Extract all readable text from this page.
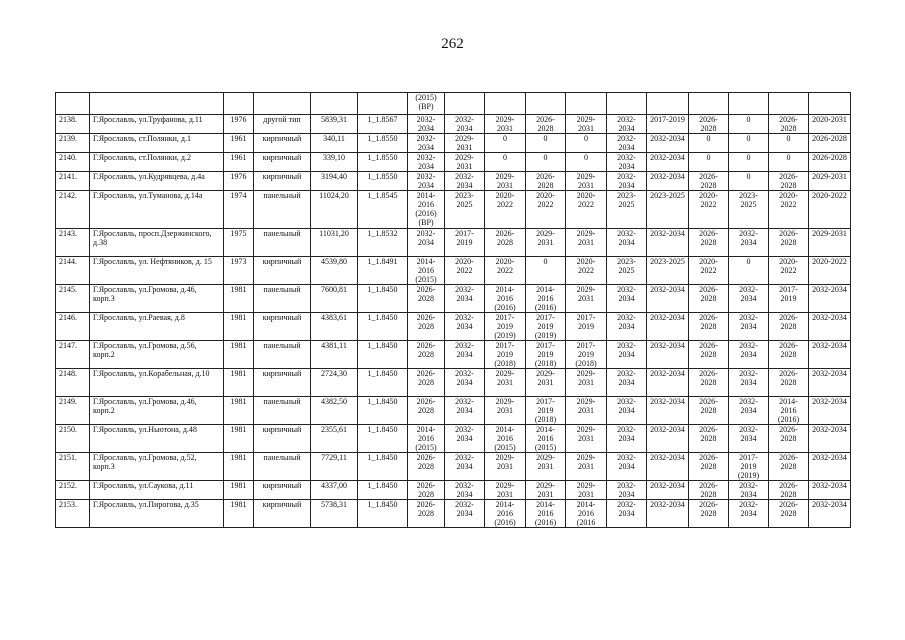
262
						(2015) (ВР)										
2138.	Г.Ярославль, ул.Труфанова, д.11	1976	другой тип	5839,31	1_1.8567	2032-2034	2032-2034	2029-2031	2026-2028	2029-2031	2032-2034	2017-2019	2026-2028	0	2026-2028	2020-2031
2139.	Г.Ярославль, ст.Полянки, д.1	1961	кирпичный	340,11	1_1.8550	2032-2034	2029-2031	0	0	0	2032-2034	2032-2034	0	0	0	2026-2028
2140.	Г.Ярославль, ст.Полянки, д.2	1961	кирпичный	339,10	1_1.8550	2032-2034	2029-2031	0	0	0	2032-2034	2032-2034	0	0	0	2026-2028
2141.	Г.Ярославль, ул.Кудрявцева, д.4а	1976	кирпичный	3194,40	1_1.8550	2032-2034	2032-2034	2029-2031	2026-2028	2029-2031	2032-2034	2032-2034	2026-2028	0	2026-2028	2029-2031
2142.	Г.Ярославль, ул.Туманова, д.14а	1974	панельный	11024,20	1_1.8545	2014-2016 (2016) (ВР)	2023-2025	2020-2022	2020-2022	2020-2022	2023-2025	2023-2025	2020-2022	2023-2025	2020-2022	2020-2022
2143.	Г.Ярославль, просп.Дзержинского, д.38	1975	панельный	11031,20	1_1.8532	2032-2034	2017-2019	2026-2028	2029-2031	2029-2031	2032-2034	2032-2034	2026-2028	2032-2034	2026-2028	2029-2031
2144.	Г.Ярославль, ул. Нефтяников, д. 15	1973	кирпичный	4539,80	1_1.8491	2014-2016 (2015)	2020-2022	2020-2022	0	2020-2022	2023-2025	2023-2025	2020-2022	0	2020-2022	2020-2022
2145.	Г.Ярославль, ул.Громова, д.46, корп.3	1981	панельный	7600,81	1_1.8450	2026-2028	2032-2034	2014-2016 (2016)	2014-2016 (2016)	2029-2031	2032-2034	2032-2034	2026-2028	2032-2034	2017-2019	2032-2034
2146.	Г.Ярославль, ул.Раевая, д.8	1981	кирпичный	4383,61	1_1.8450	2026-2028	2032-2034	2017-2019 (2019)	2017-2019 (2019)	2017-2019	2032-2034	2032-2034	2026-2028	2032-2034	2026-2028	2032-2034
2147.	Г.Ярославль, ул.Громова, д.56, корп.2	1981	панельный	4381,11	1_1.8450	2026-2028	2032-2034	2017-2019 (2018)	2017-2019 (2018)	2017-2019 (2018)	2032-2034	2032-2034	2026-2028	2032-2034	2026-2028	2032-2034
2148.	Г.Ярославль, ул.Корабельная, д.10	1981	кирпичный	2724,30	1_1.8450	2026-2028	2032-2034	2029-2031	2029-2031	2029-2031	2032-2034	2032-2034	2026-2028	2032-2034	2026-2028	2032-2034
2149.	Г.Ярославль, ул.Громова, д.46, корп.2	1981	панельный	4382,50	1_1.8450	2026-2028	2032-2034	2029-2031	2017-2019 (2018)	2029-2031	2032-2034	2032-2034	2026-2028	2032-2034	2014-2016 (2016)	2032-2034
2150.	Г.Ярославль, ул.Ньютона, д.48	1981	кирпичный	2355,61	1_1.8450	2014-2016 (2015)	2032-2034	2014-2016 (2015)	2014-2016 (2015)	2029-2031	2032-2034	2032-2034	2026-2028	2032-2034	2026-2028	2032-2034
2151.	Г.Ярославль, ул.Громова, д.52, корп.3	1981	панельный	7729,11	1_1.8450	2026-2028	2032-2034	2029-2031	2029-2031	2029-2031	2032-2034	2032-2034	2026-2028	2017-2019 (2019)	2026-2028	2032-2034
2152.	Г.Ярославль, ул.Саукова, д.11	1981	кирпичный	4337,00	1_1.8450	2026-2028	2032-2034	2029-2031	2029-2031	2029-2031	2032-2034	2032-2034	2026-2028	2032-2034	2026-2028	2032-2034
2153.	Г.Ярославль, ул.Пирогова, д.35	1981	кирпичный	5738,31	1_1.8450	2026-2028	2032-2034	2014-2016 (2016)	2014-2016 (2016)	2014-2016 (2016	2032-2034	2032-2034	2026-2028	2032-2034	2026-2028	2032-2034
